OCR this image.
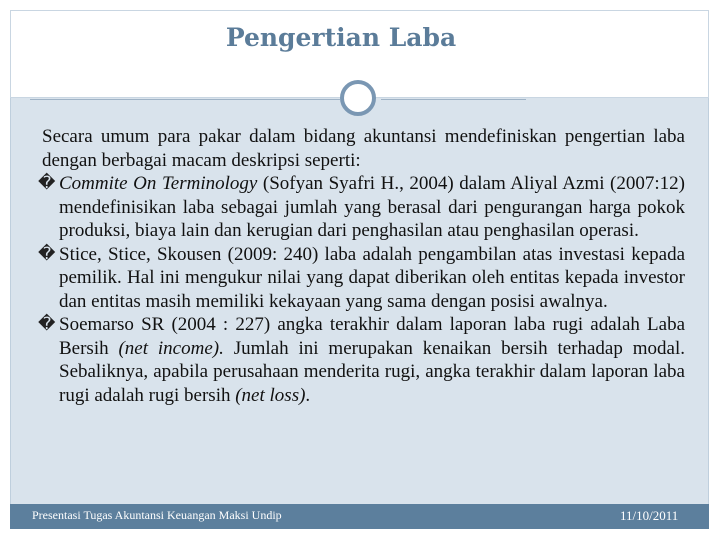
Pengertian Laba

Secara umum para pakar dalam bidang akuntansi mendefiniskan pengertian laba dengan berbagai macam deskripsi seperti:

� Commite On Terminology (Sofyan Syafri H., 2004) dalam Aliyal Azmi (2007:12) mendefinisikan laba sebagai jumlah yang berasal dari pengurangan harga pokok produksi, biaya lain dan kerugian dari penghasilan atau penghasilan operasi.

� Stice, Stice, Skousen (2009: 240) laba adalah pengambilan atas investasi kepada pemilik. Hal ini mengukur nilai yang dapat diberikan oleh entitas kepada investor dan entitas masih memiliki kekayaan yang sama dengan posisi awalnya.

� Soemarso SR (2004 : 227) angka terakhir dalam laporan laba rugi adalah Laba Bersih (net income). Jumlah ini merupakan kenaikan bersih terhadap modal. Sebaliknya, apabila perusahaan menderita rugi, angka terakhir dalam laporan laba rugi adalah rugi bersih (net loss).

Presentasi Tugas Akuntansi Keuangan Maksi Undip	11/10/2011
